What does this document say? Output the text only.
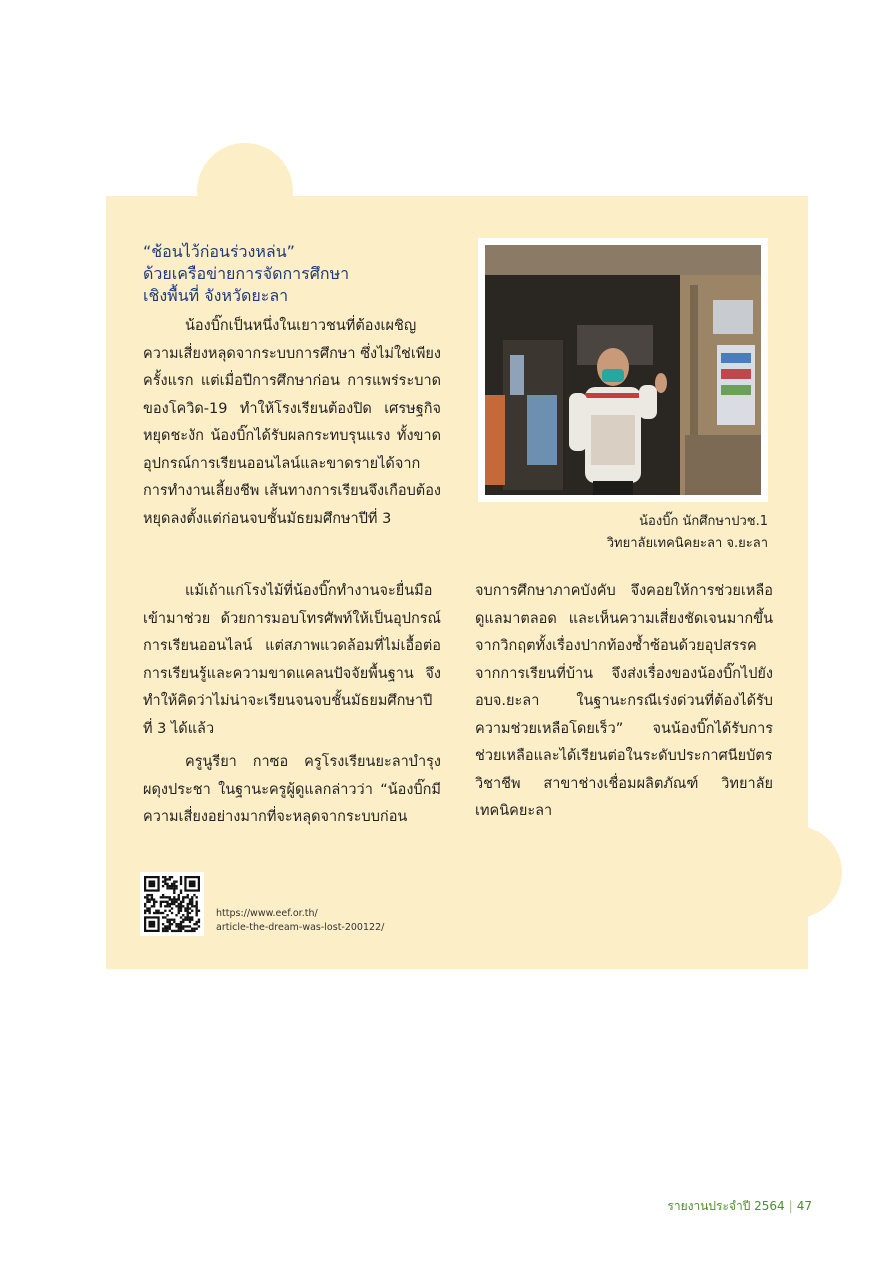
“ช้อนไว้ก่อนร่วงหล่น”
ด้วยเครือข่ายการจัดการศึกษา
เชิงพื้นที่ จังหวัดยะลา

น้องบิ๊กเป็นหนึ่งในเยาวชนที่ต้องเผชิญความเสี่ยงหลุดจากระบบการศึกษา ซึ่งไม่ใช่เพียงครั้งแรก แต่เมื่อปีการศึกษาก่อน การแพร่ระบาดของโควิด-19 ทำให้โรงเรียนต้องปิด เศรษฐกิจหยุดชะงัก น้องบิ๊กได้รับผลกระทบรุนแรง ทั้งขาดอุปกรณ์การเรียนออนไลน์และขาดรายได้จากการทำงานเลี้ยงชีพ เส้นทางการเรียนจึงเกือบต้องหยุดลงตั้งแต่ก่อนจบชั้นมัธยมศึกษาปีที่ 3

แม้เถ้าแก่โรงไม้ที่น้องบิ๊กทำงานจะยื่นมือเข้ามาช่วย ด้วยการมอบโทรศัพท์ให้เป็นอุปกรณ์การเรียนออนไลน์ แต่สภาพแวดล้อมที่ไม่เอื้อต่อการเรียนรู้และความขาดแคลนปัจจัยพื้นฐาน จึงทำให้คิดว่าไม่น่าจะเรียนจนจบชั้นมัธยมศึกษาปีที่ 3 ได้แล้ว

ครูนูรียา กาซอ ครูโรงเรียนยะลาบำรุงผดุงประชา ในฐานะครูผู้ดูแลกล่าวว่า “น้องบิ๊กมีความเสี่ยงอย่างมากที่จะหลุดจากระบบก่อน

จบการศึกษาภาคบังคับ จึงคอยให้การช่วยเหลือดูแลมาตลอด และเห็นความเสี่ยงชัดเจนมากขึ้น จากวิกฤตทั้งเรื่องปากท้องซ้ำซ้อนด้วยอุปสรรคจากการเรียนที่บ้าน จึงส่งเรื่องของน้องบิ๊กไปยัง อบจ.ยะลา ในฐานะกรณีเร่งด่วนที่ต้องได้รับความช่วยเหลือโดยเร็ว” จนน้องบิ๊กได้รับการช่วยเหลือและได้เรียนต่อในระดับประกาศนียบัตรวิชาชีพ สาขาช่างเชื่อมผลิตภัณฑ์ วิทยาลัยเทคนิคยะลา

น้องบิ๊ก นักศึกษาปวช.1
วิทยาลัยเทคนิคยะลา จ.ยะลา
https://www.eef.or.th/
article-the-dream-was-lost-200122/
รายงานประจำปี 2564 | 47
